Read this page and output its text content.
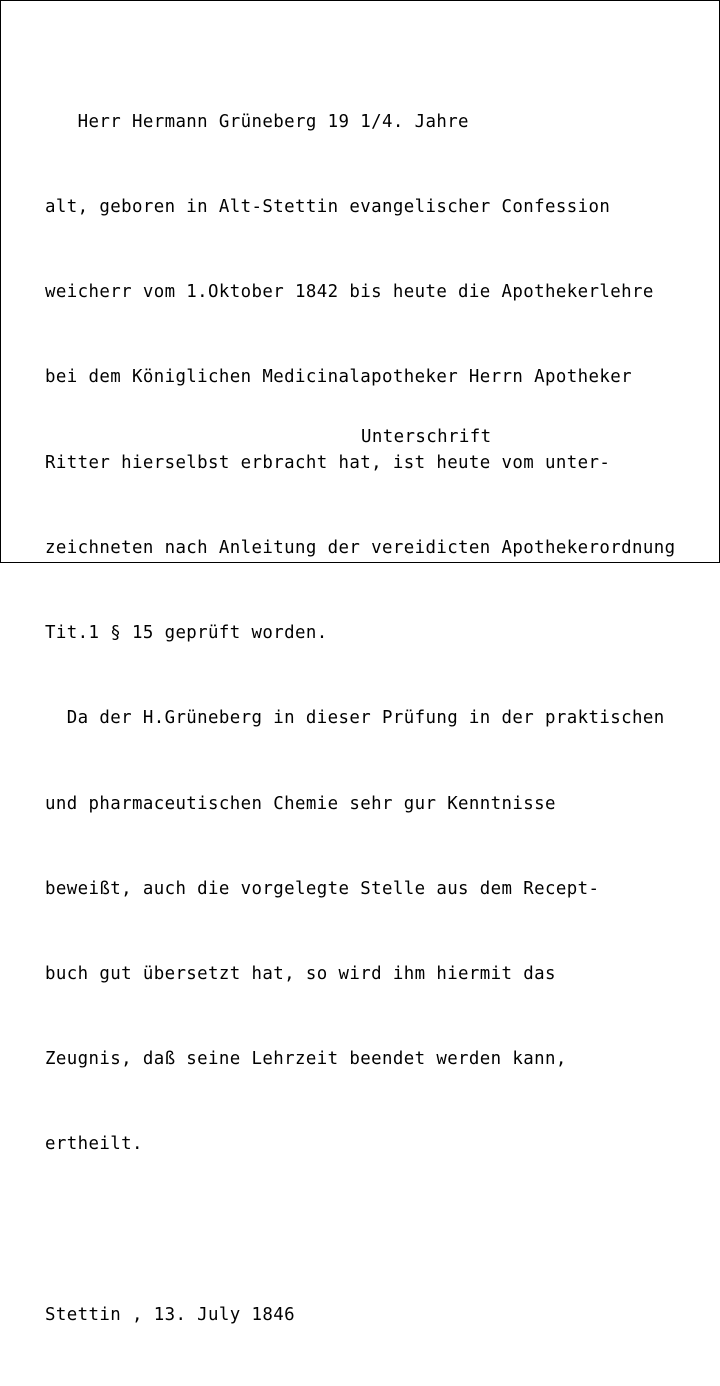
Herr Hermann Grüneberg 19 1/4. Jahre

alt, geboren in Alt-Stettin evangelischer Confession

weicherr vom 1.Oktober 1842 bis heute die Apothekerlehre

bei dem Königlichen Medicinalapotheker Herrn Apotheker

Ritter hierselbst erbracht hat, ist heute vom unter-

zeichneten nach Anleitung der vereidicten Apothekerordnung

Tit.1 § 15 geprüft worden.

Da der H.Grüneberg in dieser Prüfung in der praktischen

und pharmaceutischen Chemie sehr gur Kenntnisse

beweißt, auch die vorgelegte Stelle aus dem Recept-

buch gut übersetzt hat, so wird ihm hiermit das

Zeugnis, daß seine Lehrzeit beendet werden kann,

ertheilt.

Stettin , 13. July 1846

Unterschrift
